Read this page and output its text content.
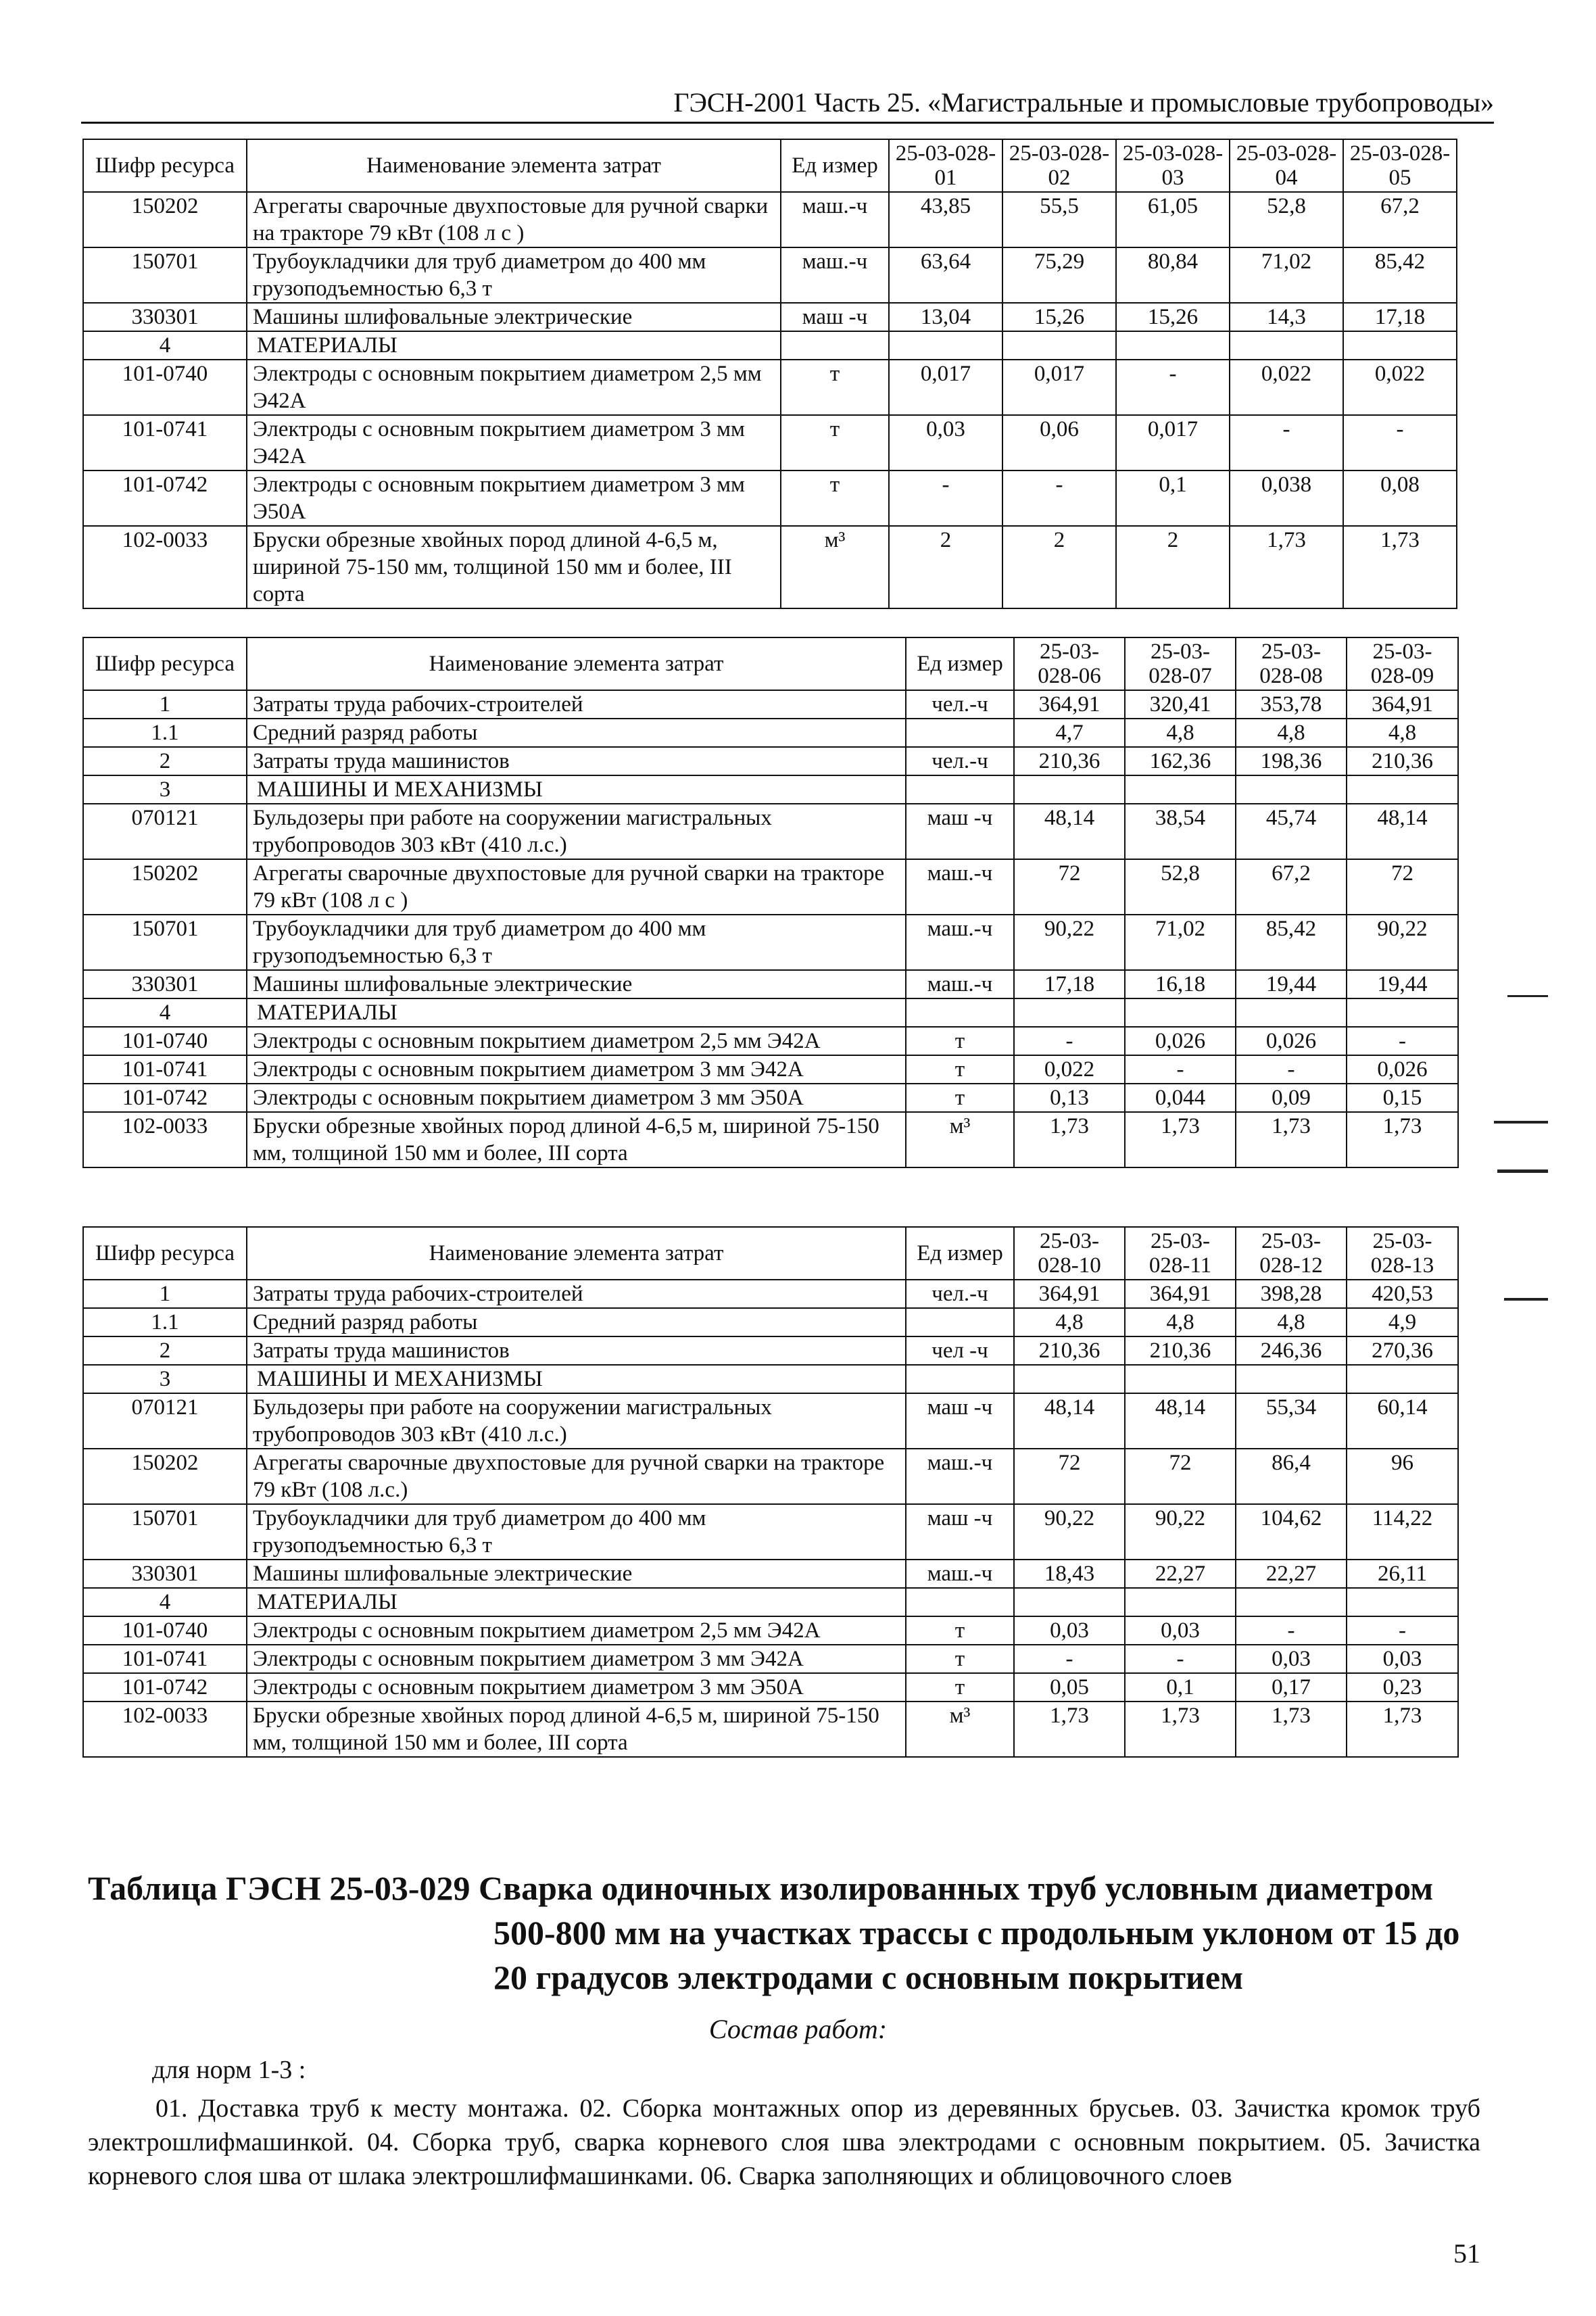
ГЭСН-2001 Часть 25. «Магистральные и промысловые трубопроводы»
Шифр ресурса	Наименование элемента затрат	Ед измер	25-03-028-01	25-03-028-02	25-03-028-03	25-03-028-04	25-03-028-05
150202	Агрегаты сварочные двухпостовые для ручной сварки на тракторе 79 кВт (108 л с )	маш.-ч	43,85	55,5	61,05	52,8	67,2
150701	Трубоукладчики для труб диаметром до 400 мм грузоподъемностью 6,3 т	маш.-ч	63,64	75,29	80,84	71,02	85,42
330301	Машины шлифовальные электрические	маш -ч	13,04	15,26	15,26	14,3	17,18
4	МАТЕРИАЛЫ						
101-0740	Электроды с основным покрытием диаметром 2,5 мм Э42А	т	0,017	0,017	-	0,022	0,022
101-0741	Электроды с основным покрытием диаметром 3 мм Э42А	т	0,03	0,06	0,017	-	-
101-0742	Электроды с основным покрытием диаметром 3 мм Э50А	т	-	-	0,1	0,038	0,08
102-0033	Бруски обрезные хвойных пород длиной 4-6,5 м, шириной 75-150 мм, толщиной 150 мм и более, III сорта	м³	2	2	2	1,73	1,73
Шифр ресурса	Наименование элемента затрат	Ед измер	25-03-028-06	25-03-028-07	25-03-028-08	25-03-028-09
1	Затраты труда рабочих-строителей	чел.-ч	364,91	320,41	353,78	364,91
1.1	Средний разряд работы		4,7	4,8	4,8	4,8
2	Затраты труда машинистов	чел.-ч	210,36	162,36	198,36	210,36
3	МАШИНЫ И МЕХАНИЗМЫ					
070121	Бульдозеры при работе на сооружении магистральных трубопроводов 303 кВт (410 л.с.)	маш -ч	48,14	38,54	45,74	48,14
150202	Агрегаты сварочные двухпостовые для ручной сварки на тракторе 79 кВт (108 л с )	маш.-ч	72	52,8	67,2	72
150701	Трубоукладчики для труб диаметром до 400 мм грузоподъемностью 6,3 т	маш.-ч	90,22	71,02	85,42	90,22
330301	Машины шлифовальные электрические	маш.-ч	17,18	16,18	19,44	19,44
4	МАТЕРИАЛЫ					
101-0740	Электроды с основным покрытием диаметром 2,5 мм Э42А	т	-	0,026	0,026	-
101-0741	Электроды с основным покрытием диаметром 3 мм Э42А	т	0,022	-	-	0,026
101-0742	Электроды с основным покрытием диаметром 3 мм Э50А	т	0,13	0,044	0,09	0,15
102-0033	Бруски обрезные хвойных пород длиной 4-6,5 м, шириной 75-150 мм, толщиной 150 мм и более, III сорта	м³	1,73	1,73	1,73	1,73
Шифр ресурса	Наименование элемента затрат	Ед измер	25-03-028-10	25-03-028-11	25-03-028-12	25-03-028-13
1	Затраты труда рабочих-строителей	чел.-ч	364,91	364,91	398,28	420,53
1.1	Средний разряд работы		4,8	4,8	4,8	4,9
2	Затраты труда машинистов	чел -ч	210,36	210,36	246,36	270,36
3	МАШИНЫ И МЕХАНИЗМЫ					
070121	Бульдозеры при работе на сооружении магистральных трубопроводов 303 кВт (410 л.с.)	маш -ч	48,14	48,14	55,34	60,14
150202	Агрегаты сварочные двухпостовые для ручной сварки на тракторе 79 кВт (108 л.с.)	маш.-ч	72	72	86,4	96
150701	Трубоукладчики для труб диаметром до 400 мм грузоподъемностью 6,3 т	маш -ч	90,22	90,22	104,62	114,22
330301	Машины шлифовальные электрические	маш.-ч	18,43	22,27	22,27	26,11
4	МАТЕРИАЛЫ					
101-0740	Электроды с основным покрытием диаметром 2,5 мм Э42А	т	0,03	0,03	-	-
101-0741	Электроды с основным покрытием диаметром 3 мм Э42А	т	-	-	0,03	0,03
101-0742	Электроды с основным покрытием диаметром 3 мм Э50А	т	0,05	0,1	0,17	0,23
102-0033	Бруски обрезные хвойных пород длиной 4-6,5 м, шириной 75-150 мм, толщиной 150 мм и более, III сорта	м³	1,73	1,73	1,73	1,73
Таблица ГЭСН 25-03-029 Сварка одиночных изолированных труб условным диаметром
500-800 мм на участках трассы с продольным уклоном от 15 до
20 градусов электродами с основным покрытием
Состав работ:
для норм 1-3 :
01. Доставка труб к месту монтажа. 02. Сборка монтажных опор из деревянных брусьев. 03. Зачистка кромок труб электрошлифмашинкой. 04. Сборка труб, сварка корневого слоя шва электродами с основным покрытием. 05. Зачистка корневого слоя шва от шлака электрошлифмашинками. 06. Сварка заполняющих и облицовочного слоев
51
